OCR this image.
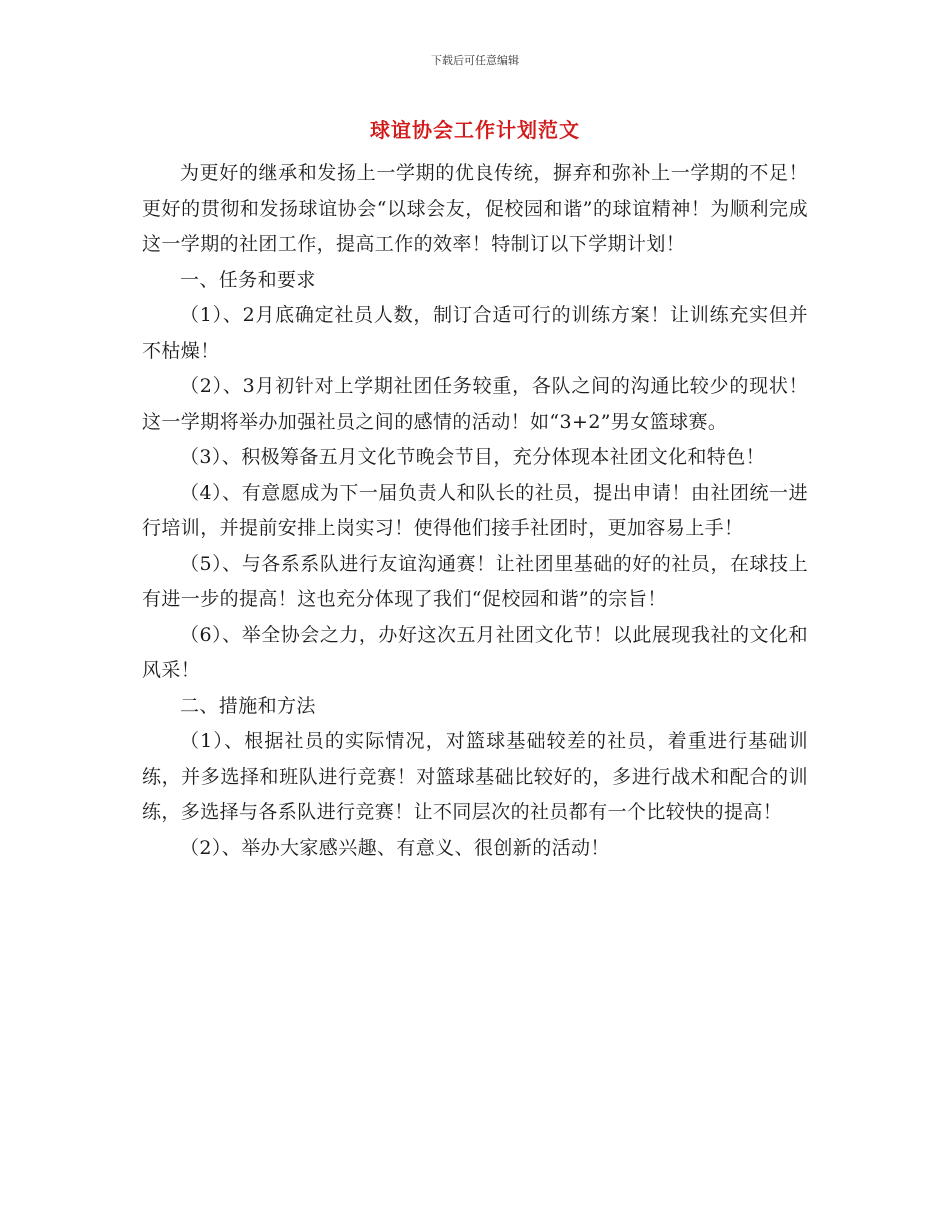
下载后可任意编辑
球谊协会工作计划范文

为更好的继承和发扬上一学期的优良传统，摒弃和弥补上一学期的不足！更好的贯彻和发扬球谊协会“以球会友，促校园和谐”的球谊精神！为顺利完成这一学期的社团工作，提高工作的效率！特制订以下学期计划！

一、任务和要求

（1）、2月底确定社员人数，制订合适可行的训练方案！让训练充实但并不枯燥！

（2）、3月初针对上学期社团任务较重，各队之间的沟通比较少的现状！这一学期将举办加强社员之间的感情的活动！如“3+2”男女篮球赛。

（3）、积极筹备五月文化节晚会节目，充分体现本社团文化和特色！

（4）、有意愿成为下一届负责人和队长的社员，提出申请！由社团统一进行培训，并提前安排上岗实习！使得他们接手社团时，更加容易上手！

（5）、与各系系队进行友谊沟通赛！让社团里基础的好的社员，在球技上有进一步的提高！这也充分体现了我们“促校园和谐”的宗旨！

（6）、举全协会之力，办好这次五月社团文化节！以此展现我社的文化和风采！

二、措施和方法

（1）、根据社员的实际情况，对篮球基础较差的社员，着重进行基础训练，并多选择和班队进行竞赛！对篮球基础比较好的，多进行战术和配合的训练，多选择与各系队进行竞赛！让不同层次的社员都有一个比较快的提高！

（2）、举办大家感兴趣、有意义、很创新的活动！
